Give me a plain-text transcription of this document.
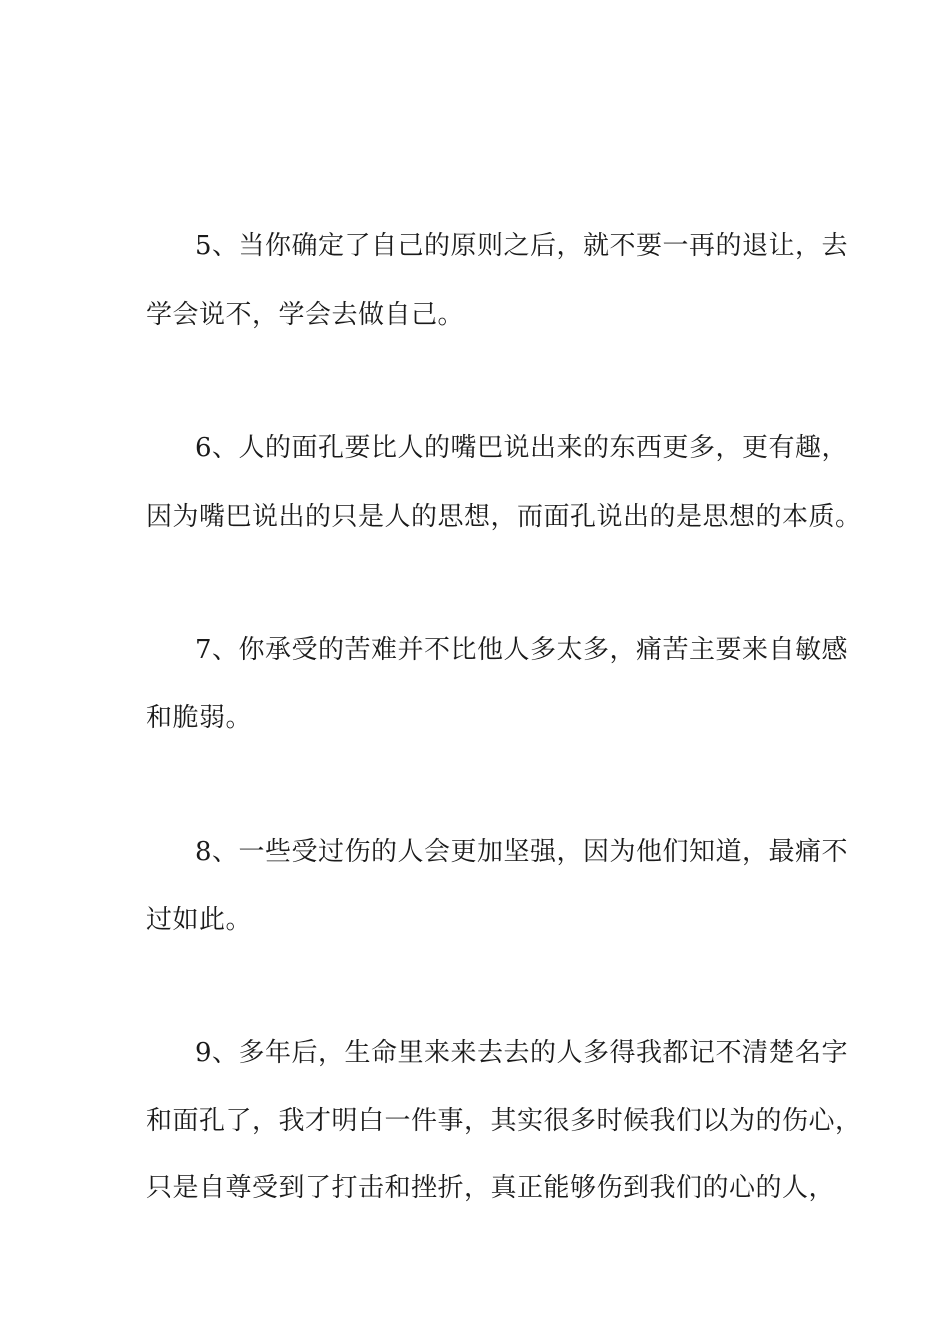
5、当你确定了自己的原则之后，就不要一再的退让，去

学会说不，学会去做自己。

6、人的面孔要比人的嘴巴说出来的东西更多，更有趣，

因为嘴巴说出的只是人的思想，而面孔说出的是思想的本质。

7、你承受的苦难并不比他人多太多，痛苦主要来自敏感

和脆弱。

8、一些受过伤的人会更加坚强，因为他们知道，最痛不

过如此。

9、多年后，生命里来来去去的人多得我都记不清楚名字

和面孔了，我才明白一件事，其实很多时候我们以为的伤心，

只是自尊受到了打击和挫折，真正能够伤到我们的心的人，
